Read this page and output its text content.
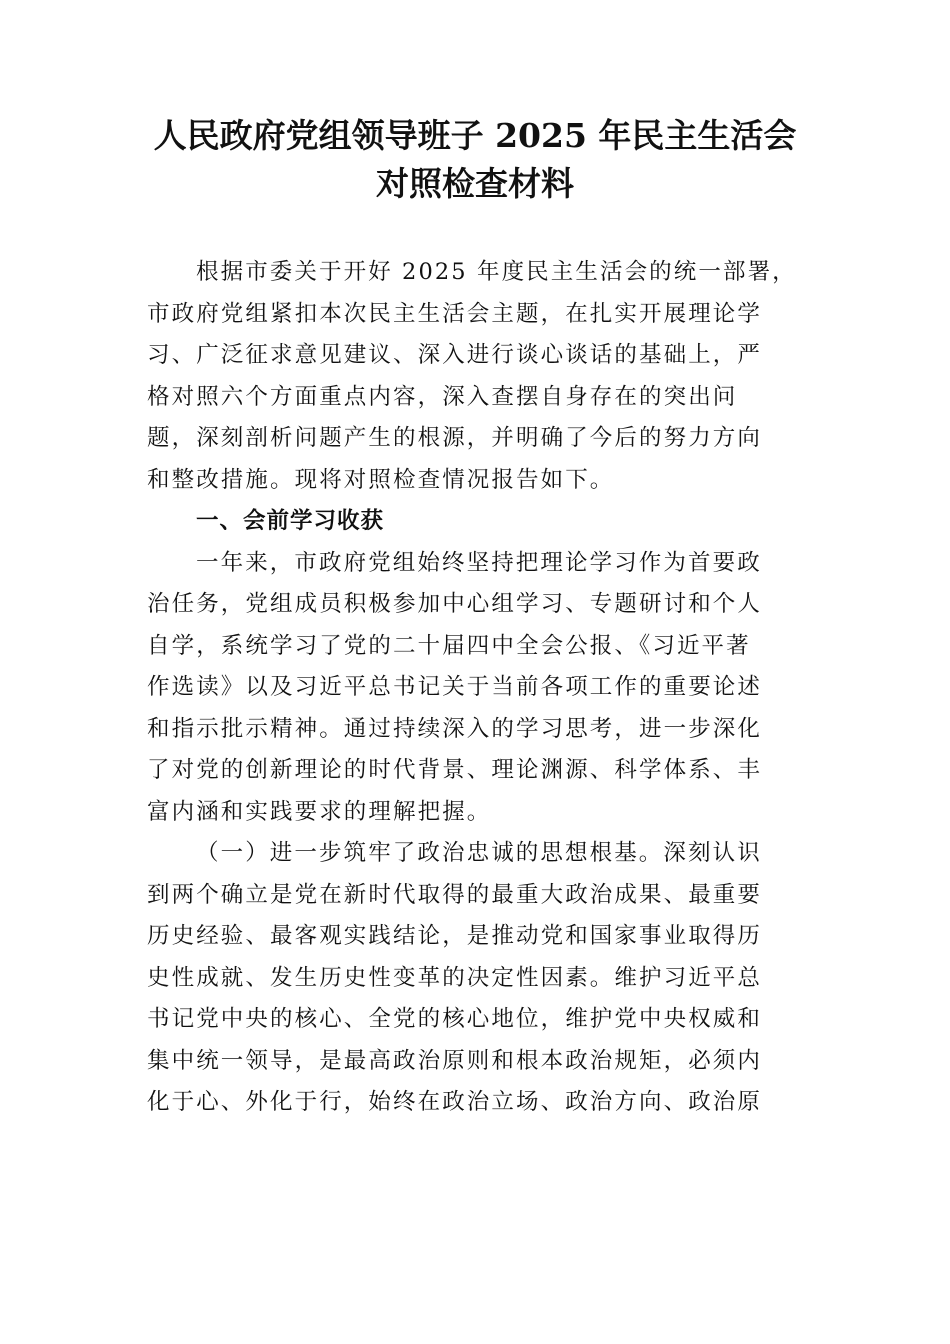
人民政府党组领导班子 2025 年民主生活会
对照检查材料
根据市委关于开好 2025 年度民主生活会的统一部署，
市政府党组紧扣本次民主生活会主题，在扎实开展理论学
习、广泛征求意见建议、深入进行谈心谈话的基础上，严
格对照六个方面重点内容，深入查摆自身存在的突出问
题，深刻剖析问题产生的根源，并明确了今后的努力方向
和整改措施。现将对照检查情况报告如下。
一、会前学习收获
一年来，市政府党组始终坚持把理论学习作为首要政
治任务，党组成员积极参加中心组学习、专题研讨和个人
自学，系统学习了党的二十届四中全会公报、《习近平著
作选读》以及习近平总书记关于当前各项工作的重要论述
和指示批示精神。通过持续深入的学习思考，进一步深化
了对党的创新理论的时代背景、理论渊源、科学体系、丰
富内涵和实践要求的理解把握。
（一）进一步筑牢了政治忠诚的思想根基。深刻认识
到两个确立是党在新时代取得的最重大政治成果、最重要
历史经验、最客观实践结论，是推动党和国家事业取得历
史性成就、发生历史性变革的决定性因素。维护习近平总
书记党中央的核心、全党的核心地位，维护党中央权威和
集中统一领导，是最高政治原则和根本政治规矩，必须内
化于心、外化于行，始终在政治立场、政治方向、政治原
